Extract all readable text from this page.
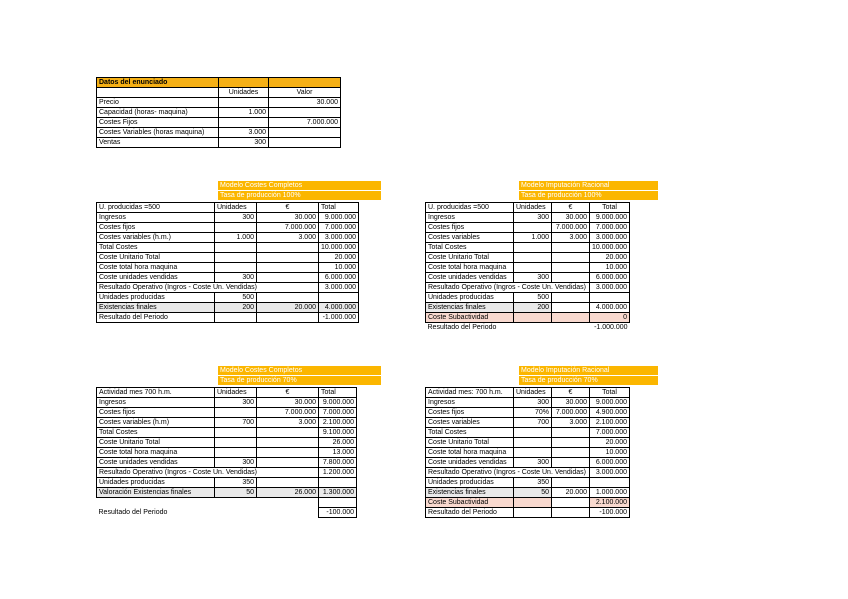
Datos del enunciado		
	Unidades	Valor
Precio		30.000
Capacidad (horas- maquina)	1.000	
Costes Fijos		7.000.000
Costes Variables (horas maquina)	3.000	
Ventas	300	
Modelo Costes Completos
Tasa de producción 100%
U. producidas =500	Unidades	€	Total
Ingresos	300	30.000	9.000.000
Costes fijos		7.000.000	7.000.000
Costes variables (h.m.)	1.000	3.000	3.000.000
Total Costes			10.000.000
Coste Unitario Total			20.000
Coste total hora maquina			10.000
Coste unidades vendidas	300		6.000.000
Resultado Operativo (Ingros - Coste Un. Vendidas)			3.000.000
Unidades producidas	500		
Existencias finales	200	20.000	4.000.000
Resultado del Periodo			-1.000.000
Modelo Imputación Racional
Tasa de producción 100%
U. producidas =500	Unidades	€	Total
Ingresos	300	30.000	9.000.000
Costes fijos		7.000.000	7.000.000
Costes variables	1.000	3.000	3.000.000
Total Costes			10.000.000
Coste Unitario Total			20.000
Coste total hora maquina			10.000
Coste unidades vendidas	300		6.000.000
Resultado Operativo (Ingros - Coste Un. Vendidas)			3.000.000
Unidades producidas	500		
Existencias finales	200		4.000.000
Coste Subactividad			0
Resultado del Periodo			-1.000.000
Modelo Costes Completos
Tasa de producción 70%
Actividad mes 700 h.m.	Unidades	€	Total
Ingresos	300	30.000	9.000.000
Costes fijos		7.000.000	7.000.000
Costes variables (h.m)	700	3.000	2.100.000
Total Costes			9.100.000
Coste Unitario Total			26.000
Coste total hora maquina			13.000
Coste unidades vendidas	300		7.800.000
Resultado Operativo (Ingros - Coste Un. Vendidas)			1.200.000
Unidades producidas	350		
Valoración Existencias finales	50	26.000	1.300.000

Resultado del Periodo			-100.000
Modelo Imputación Racional
Tasa de producción 70%
Actividad mes: 700 h.m.	Unidades	€	Total
Ingresos	300	30.000	9.000.000
Costes fijos	70%	7.000.000	4.900.000
Costes variables	700	3.000	2.100.000
Total Costes			7.000.000
Coste Unitario Total			20.000
Coste total hora maquina			10.000
Coste unidades vendidas	300		6.000.000
Resultado Operativo (Ingros - Coste Un. Vendidas)			3.000.000
Unidades producidas	350		
Existencias finales	50	20.000	1.000.000
Coste Subactividad			2.100.000
Resultado del Periodo			-100.000
